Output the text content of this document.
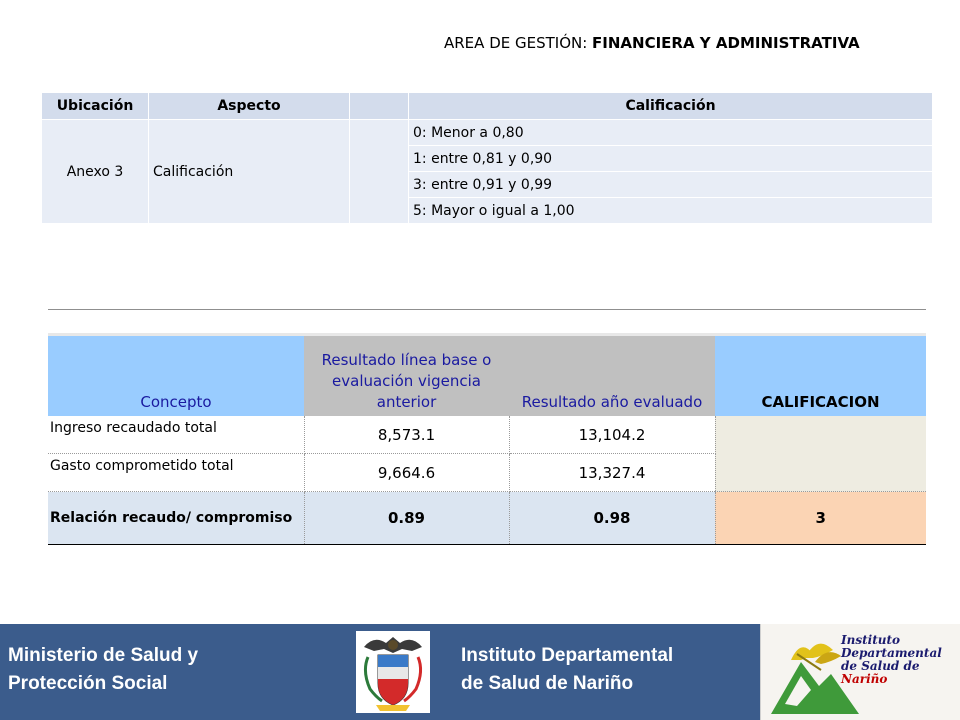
AREA DE GESTIÓN: FINANCIERA Y ADMINISTRATIVA
Ubicación	Aspecto		Calificación
Anexo 3	Calificación		0: Menor a 0,80
			1: entre 0,81 y 0,90
			3: entre 0,91 y 0,99
			5: Mayor o igual a 1,00
Concepto	Resultado línea base o evaluación vigencia anterior	Resultado año evaluado	CALIFICACION
Ingreso recaudado total	8,573.1	13,104.2	
Gasto comprometido total	9,664.6	13,327.4	
Relación recaudo/ compromiso	0.89	0.98	3
Ministerio de Salud y
Protección Social
Instituto Departamental
de Salud de Nariño
Instituto
Departamental
de Salud de Nariño
